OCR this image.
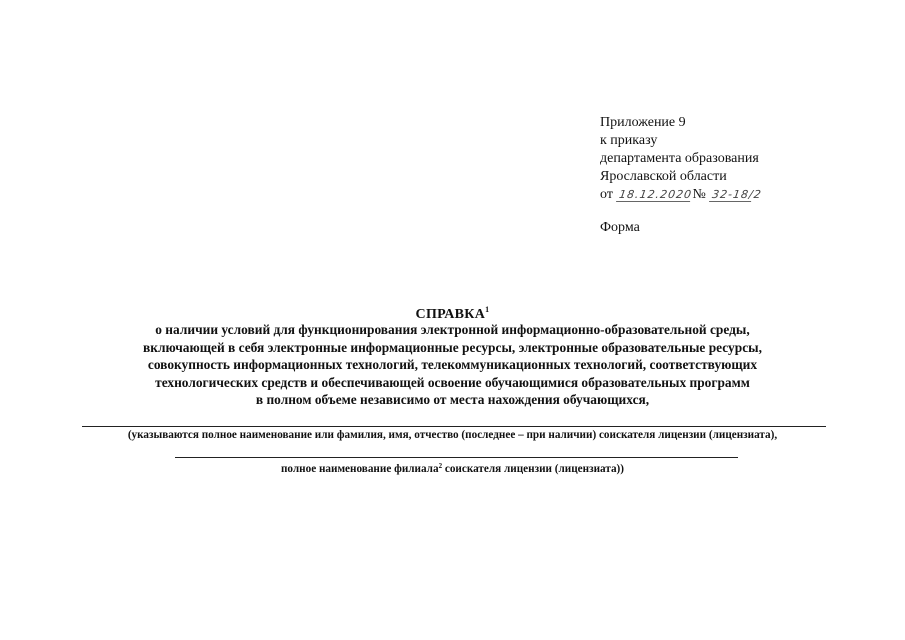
Приложение 9
к приказу
департамента образования
Ярославской области
от 18.12.2020№ 32-18/2
Форма
СПРАВКА$^1$
о наличии условий для функционирования электронной информационно-образовательной среды,
включающей в себя электронные информационные ресурсы, электронные образовательные ресурсы,
совокупность информационных технологий, телекоммуникационных технологий, соответствующих
технологических средств и обеспечивающей освоение обучающимися образовательных программ
в полном объеме независимо от места нахождения обучающихся,
(указываются полное наименование или фамилия, имя, отчество (последнее – при наличии) соискателя лицензии (лицензиата),
полное наименование филиала$^2$ соискателя лицензии (лицензиата))
